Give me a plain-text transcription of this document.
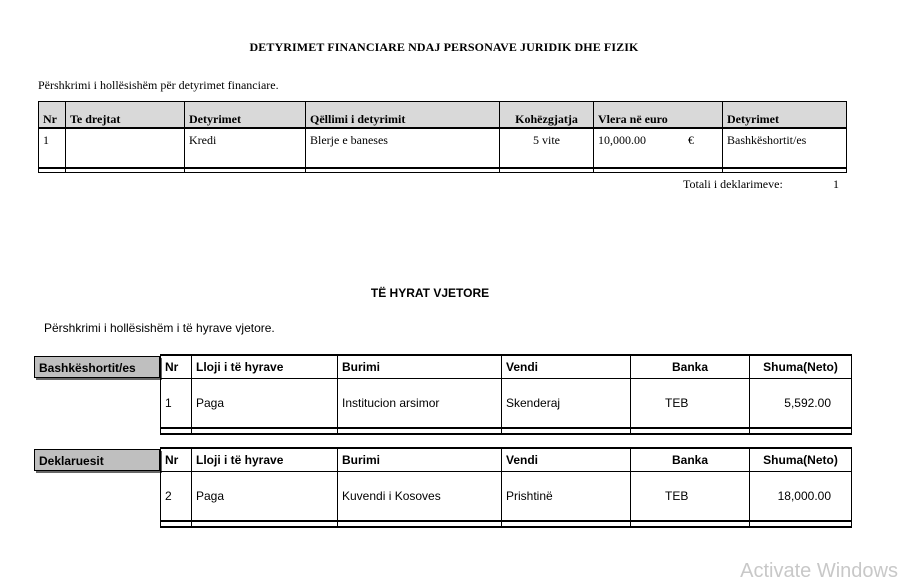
DETYRIMET FINANCIARE NDAJ PERSONAVE JURIDIK DHE FIZIK
Përshkrimi i hollësishëm për detyrimet financiare.
Nr	Te drejtat	Detyrimet	Qëllimi i detyrimit	Kohëzgjatja	Vlera në euro	Detyrimet
1		Kredi	Blerje e baneses	5 vite	10,000.00 €	Bashkëshortit/es

Totali i deklarimeve:	1
TË HYRAT VJETORE
Përshkrimi i hollësishëm i të hyrave vjetore.
Bashkëshortit/es	Nr	Lloji i të hyrave	Burimi	Vendi	Banka	Shuma(Neto)
1	Paga	Institucion arsimor	Skenderaj	TEB	5,592.00

Deklaruesit	Nr	Lloji i të hyrave	Burimi	Vendi	Banka	Shuma(Neto)
2	Paga	Kuvendi i Kosoves	Prishtinë	TEB	18,000.00

Activate Windows
